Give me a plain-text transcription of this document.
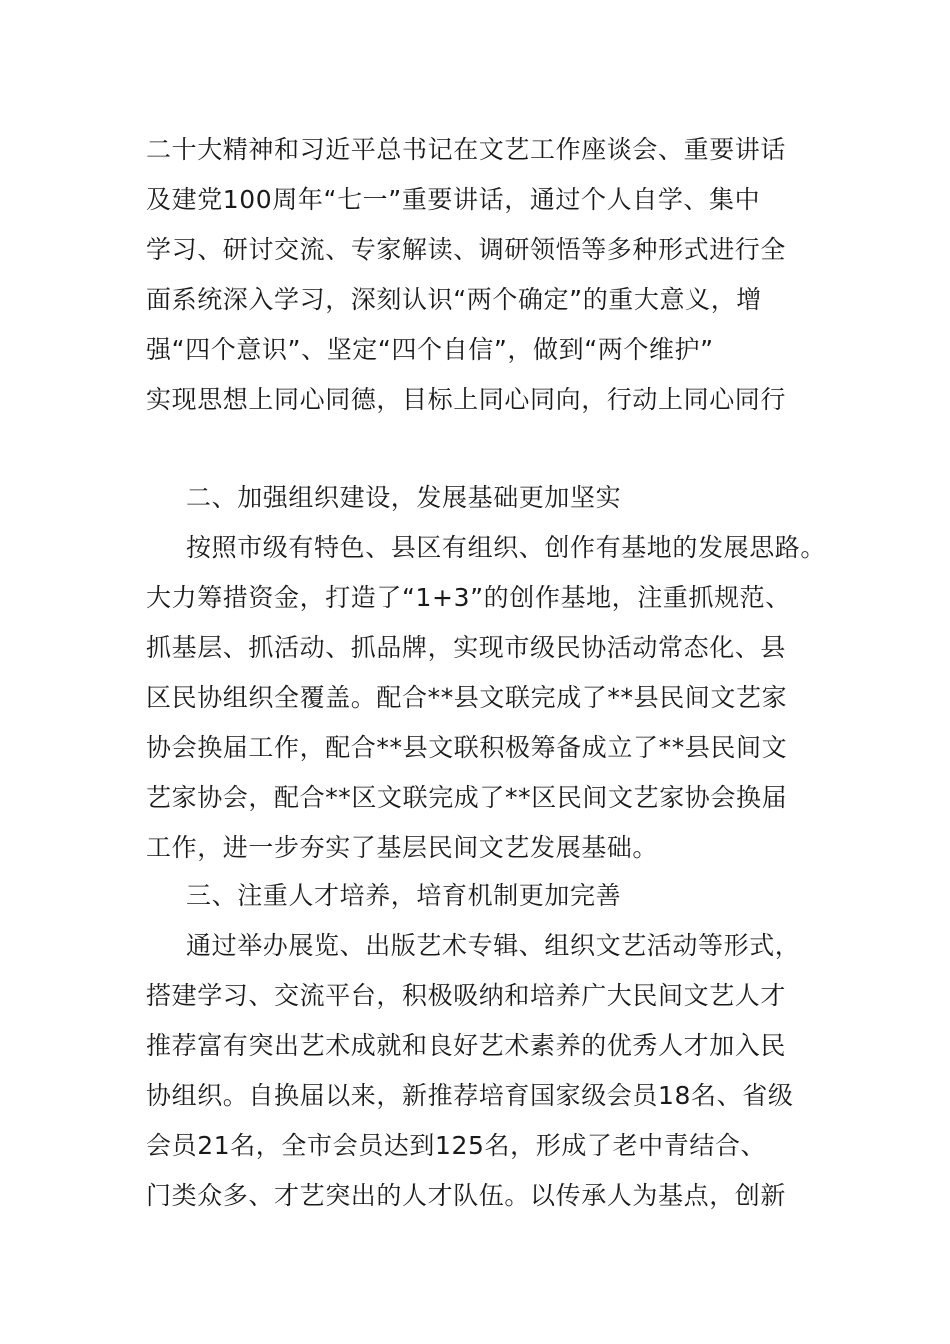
二十大精神和习近平总书记在文艺工作座谈会、重要讲话
及建党100周年“七一”重要讲话，通过个人自学、集中
学习、研讨交流、专家解读、调研领悟等多种形式进行全
面系统深入学习，深刻认识“两个确定”的重大意义，增
强“四个意识”、坚定“四个自信”，做到“两个维护”
实现思想上同心同德，目标上同心同向，行动上同心同行
二、加强组织建设，发展基础更加坚实
按照市级有特色、县区有组织、创作有基地的发展思路。
大力筹措资金，打造了“1+3”的创作基地，注重抓规范、
抓基层、抓活动、抓品牌，实现市级民协活动常态化、县
区民协组织全覆盖。配合**县文联完成了**县民间文艺家
协会换届工作，配合**县文联积极筹备成立了**县民间文
艺家协会，配合**区文联完成了**区民间文艺家协会换届
工作，进一步夯实了基层民间文艺发展基础。
三、注重人才培养，培育机制更加完善
通过举办展览、出版艺术专辑、组织文艺活动等形式，
搭建学习、交流平台，积极吸纳和培养广大民间文艺人才
推荐富有突出艺术成就和良好艺术素养的优秀人才加入民
协组织。自换届以来，新推荐培育国家级会员18名、省级
会员21名，全市会员达到125名，形成了老中青结合、
门类众多、才艺突出的人才队伍。以传承人为基点，创新
